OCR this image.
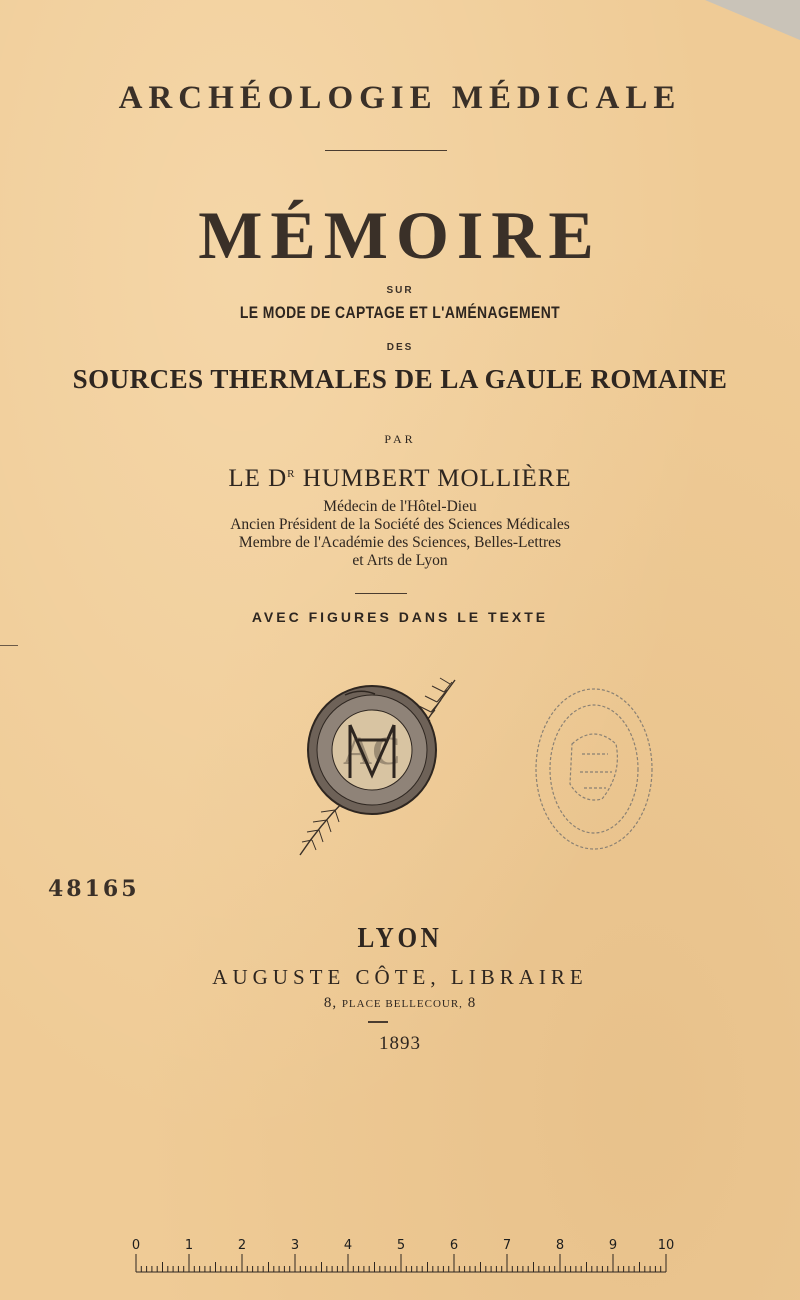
ARCHÉOLOGIE MÉDICALE
MÉMOIRE
SUR
LE MODE DE CAPTAGE ET L'AMÉNAGEMENT
DES
SOURCES THERMALES DE LA GAULE ROMAINE
PAR
LE $D^R$ HUMBERT MOLLIÈRE
Médecin de l'Hôtel-Dieu
Ancien Président de la Société des Sciences Médicales
Membre de l'Académie des Sciences, Belles-Lettres
et Arts de Lyon
AVEC FIGURES DANS LE TEXTE
AC
48165
LYON
AUGUSTE CÔTE, LIBRAIRE
8, PLACE BELLECOUR, 8
1893
0	1	2	3	4	5	6	7	8	9	10
